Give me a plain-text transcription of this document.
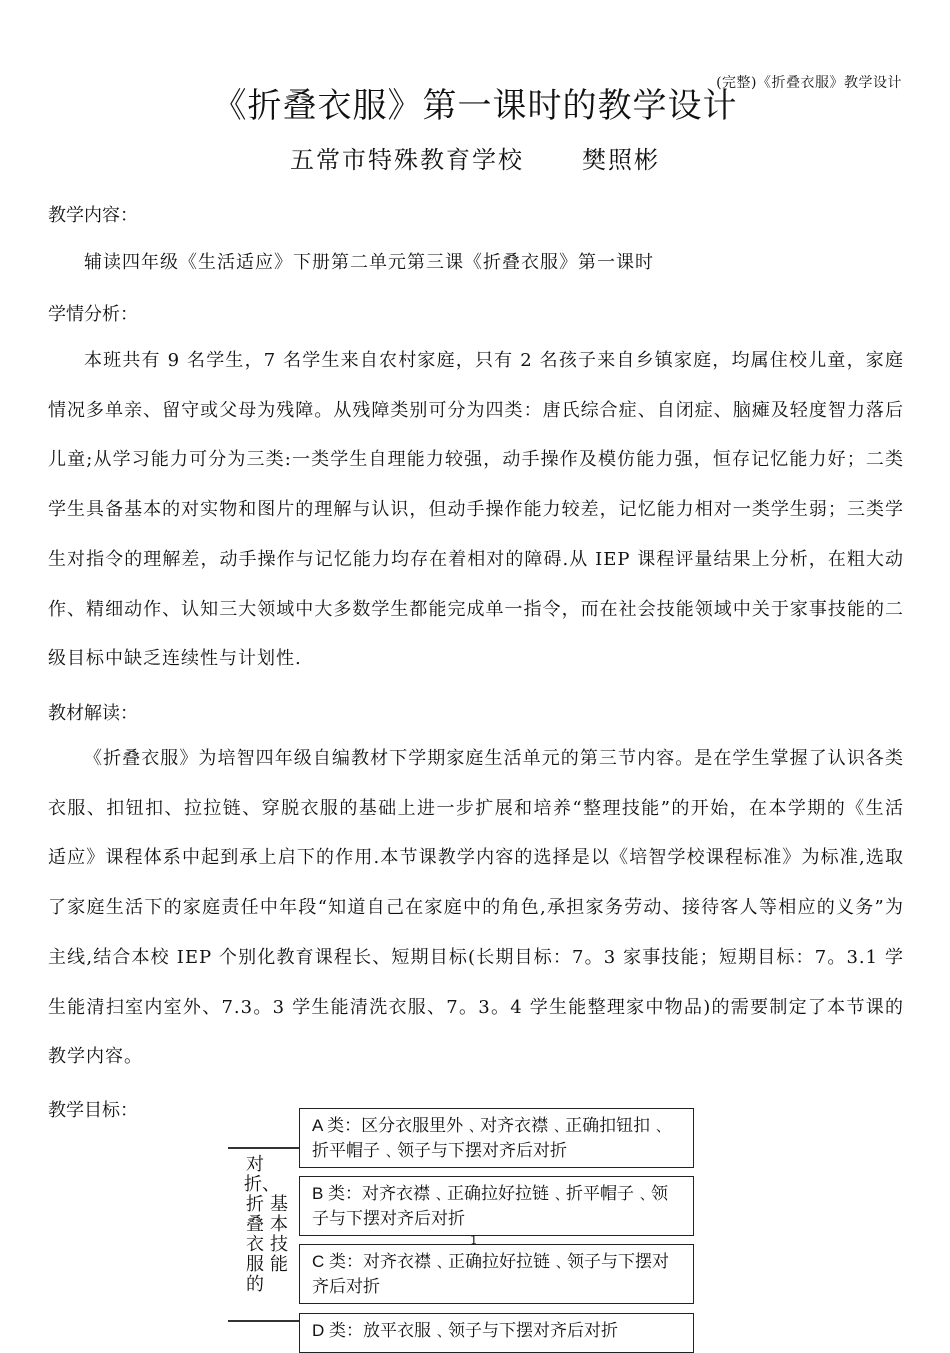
(完整)《折叠衣服》教学设计
《折叠衣服》第一课时的教学设计
五常市特殊教育学校 樊照彬
教学内容：
辅读四年级《生活适应》下册第二单元第三课《折叠衣服》第一课时
学情分析：
本班共有 9 名学生，7 名学生来自农村家庭，只有 2 名孩子来自乡镇家庭，均属住校儿童，家庭情况多单亲、留守或父母为残障。从残障类别可分为四类：唐氏综合症、自闭症、脑瘫及轻度智力落后儿童;从学习能力可分为三类:一类学生自理能力较强，动手操作及模仿能力强，恒存记忆能力好；二类学生具备基本的对实物和图片的理解与认识，但动手操作能力较差，记忆能力相对一类学生弱；三类学生对指令的理解差，动手操作与记忆能力均存在着相对的障碍.从 IEP 课程评量结果上分析，在粗大动作、精细动作、认知三大领域中大多数学生都能完成单一指令，而在社会技能领域中关于家事技能的二级目标中缺乏连续性与计划性.
教材解读：
《折叠衣服》为培智四年级自编教材下学期家庭生活单元的第三节内容。是在学生掌握了认识各类衣服、扣钮扣、拉拉链、穿脱衣服的基础上进一步扩展和培养“整理技能”的开始，在本学期的《生活适应》课程体系中起到承上启下的作用.本节课教学内容的选择是以《培智学校课程标准》为标准,选取了家庭生活下的家庭责任中年段“知道自己在家庭中的角色,承担家务劳动、接待客人等相应的义务”为主线,结合本校 IEP 个别化教育课程长、短期目标(长期目标：7。3 家事技能；短期目标：7。3.1 学生能清扫室内室外、7.3。3 学生能清洗衣服、7。3。4 学生能整理家中物品)的需要制定了本节课的教学内容。
教学目标：
对折、折叠衣服的
基本技能
A 类：区分衣服里外﹑对齐衣襟﹑正确扣钮扣﹑折平帽子﹑领子与下摆对齐后对折
B 类：对齐衣襟﹑正确拉好拉链﹑折平帽子﹑领子与下摆对齐后对折
C 类：对齐衣襟﹑正确拉好拉链﹑领子与下摆对齐后对折
D 类：放平衣服﹑领子与下摆对齐后对折
1
